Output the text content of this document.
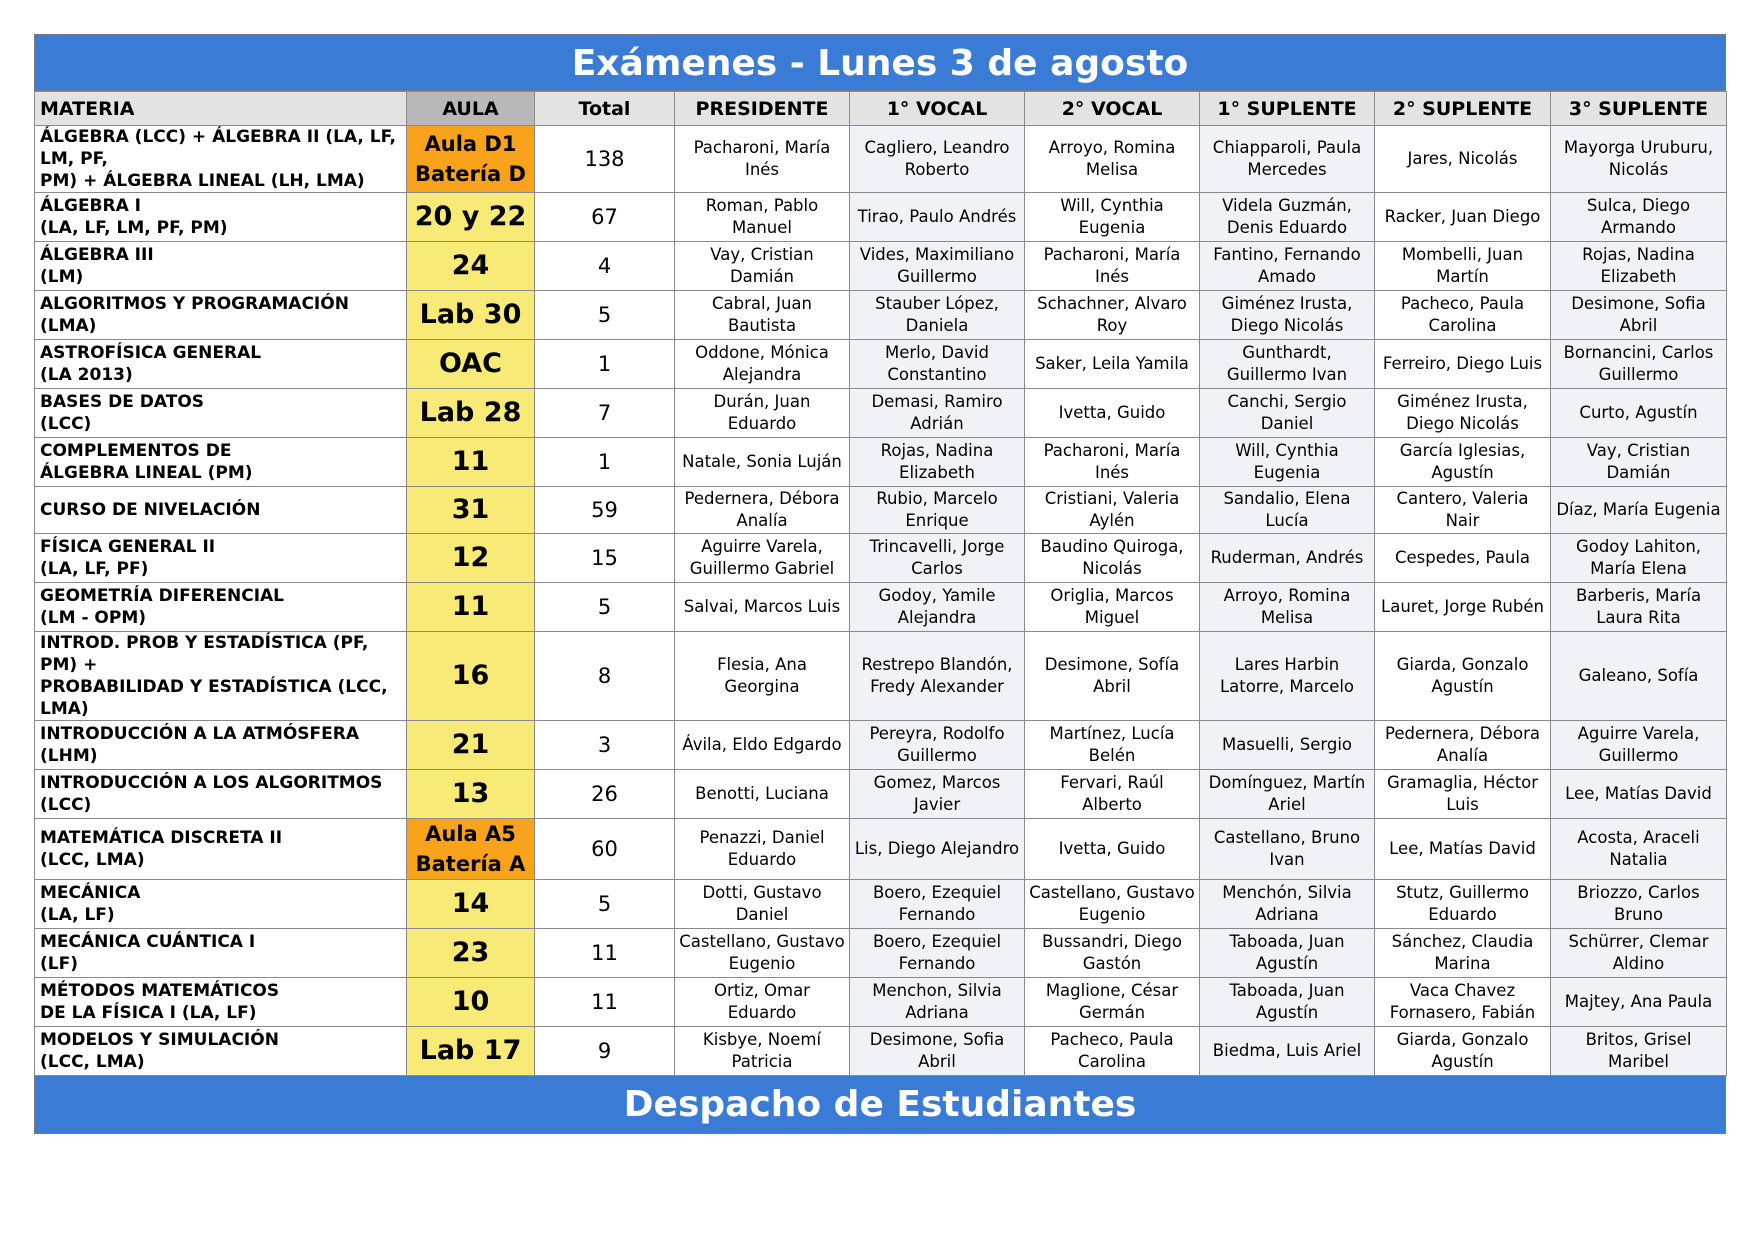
Exámenes - Lunes 3 de agosto
MATERIA	AULA	Total	PRESIDENTE	1° VOCAL	2° VOCAL	1° SUPLENTE	2° SUPLENTE	3° SUPLENTE
ÁLGEBRA (LCC) + ÁLGEBRA II (LA, LF, LM, PF,
PM) + ÁLGEBRA LINEAL (LH, LMA)	Aula D1
Batería D	138	Pacharoni, María Inés	Cagliero, Leandro Roberto	Arroyo, Romina Melisa	Chiapparoli, Paula Mercedes	Jares, Nicolás	Mayorga Uruburu, Nicolás
ÁLGEBRA I
(LA, LF, LM, PF, PM)	20 y 22	67	Roman, Pablo Manuel	Tirao, Paulo Andrés	Will, Cynthia Eugenia	Videla Guzmán, Denis Eduardo	Racker, Juan Diego	Sulca, Diego Armando
ÁLGEBRA III
(LM)	24	4	Vay, Cristian Damián	Vides, Maximiliano Guillermo	Pacharoni, María Inés	Fantino, Fernando Amado	Mombelli, Juan Martín	Rojas, Nadina Elizabeth
ALGORITMOS Y PROGRAMACIÓN
(LMA)	Lab 30	5	Cabral, Juan Bautista	Stauber López, Daniela	Schachner, Alvaro Roy	Giménez Irusta, Diego Nicolás	Pacheco, Paula Carolina	Desimone, Sofia Abril
ASTROFÍSICA GENERAL
(LA 2013)	OAC	1	Oddone, Mónica Alejandra	Merlo, David Constantino	Saker, Leila Yamila	Gunthardt, Guillermo Ivan	Ferreiro, Diego Luis	Bornancini, Carlos Guillermo
BASES DE DATOS
(LCC)	Lab 28	7	Durán, Juan Eduardo	Demasi, Ramiro Adrián	Ivetta, Guido	Canchi, Sergio Daniel	Giménez Irusta, Diego Nicolás	Curto, Agustín
COMPLEMENTOS DE
ÁLGEBRA LINEAL (PM)	11	1	Natale, Sonia Luján	Rojas, Nadina Elizabeth	Pacharoni, María Inés	Will, Cynthia Eugenia	García Iglesias, Agustín	Vay, Cristian Damián
CURSO DE NIVELACIÓN	31	59	Pedernera, Débora Analía	Rubio, Marcelo Enrique	Cristiani, Valeria Aylén	Sandalio, Elena Lucía	Cantero, Valeria Nair	Díaz, María Eugenia
FÍSICA GENERAL II
(LA, LF, PF)	12	15	Aguirre Varela, Guillermo Gabriel	Trincavelli, Jorge Carlos	Baudino Quiroga, Nicolás	Ruderman, Andrés	Cespedes, Paula	Godoy Lahiton, María Elena
GEOMETRÍA DIFERENCIAL
(LM - OPM)	11	5	Salvai, Marcos Luis	Godoy, Yamile Alejandra	Origlia, Marcos Miguel	Arroyo, Romina Melisa	Lauret, Jorge Rubén	Barberis, María Laura Rita
INTROD. PROB Y ESTADÍSTICA (PF, PM) +
PROBABILIDAD Y ESTADÍSTICA (LCC, LMA)	16	8	Flesia, Ana Georgina	Restrepo Blandón, Fredy Alexander	Desimone, Sofía Abril	Lares Harbin Latorre, Marcelo	Giarda, Gonzalo Agustín	Galeano, Sofía
INTRODUCCIÓN A LA ATMÓSFERA
(LHM)	21	3	Ávila, Eldo Edgardo	Pereyra, Rodolfo Guillermo	Martínez, Lucía Belén	Masuelli, Sergio	Pedernera, Débora Analía	Aguirre Varela, Guillermo
INTRODUCCIÓN A LOS ALGORITMOS
(LCC)	13	26	Benotti, Luciana	Gomez, Marcos Javier	Fervari, Raúl Alberto	Domínguez, Martín Ariel	Gramaglia, Héctor Luis	Lee, Matías David
MATEMÁTICA DISCRETA II
(LCC, LMA)	Aula A5
Batería A	60	Penazzi, Daniel Eduardo	Lis, Diego Alejandro	Ivetta, Guido	Castellano, Bruno Ivan	Lee, Matías David	Acosta, Araceli Natalia
MECÁNICA
(LA, LF)	14	5	Dotti, Gustavo Daniel	Boero, Ezequiel Fernando	Castellano, Gustavo Eugenio	Menchón, Silvia Adriana	Stutz, Guillermo Eduardo	Briozzo, Carlos Bruno
MECÁNICA CUÁNTICA I
(LF)	23	11	Castellano, Gustavo Eugenio	Boero, Ezequiel Fernando	Bussandri, Diego Gastón	Taboada, Juan Agustín	Sánchez, Claudia Marina	Schürrer, Clemar Aldino
MÉTODOS MATEMÁTICOS
DE LA FÍSICA I (LA, LF)	10	11	Ortiz, Omar Eduardo	Menchon, Silvia Adriana	Maglione, César Germán	Taboada, Juan Agustín	Vaca Chavez Fornasero, Fabián	Majtey, Ana Paula
MODELOS Y SIMULACIÓN
(LCC, LMA)	Lab 17	9	Kisbye, Noemí Patricia	Desimone, Sofia Abril	Pacheco, Paula Carolina	Biedma, Luis Ariel	Giarda, Gonzalo Agustín	Britos, Grisel Maribel
Despacho de Estudiantes
